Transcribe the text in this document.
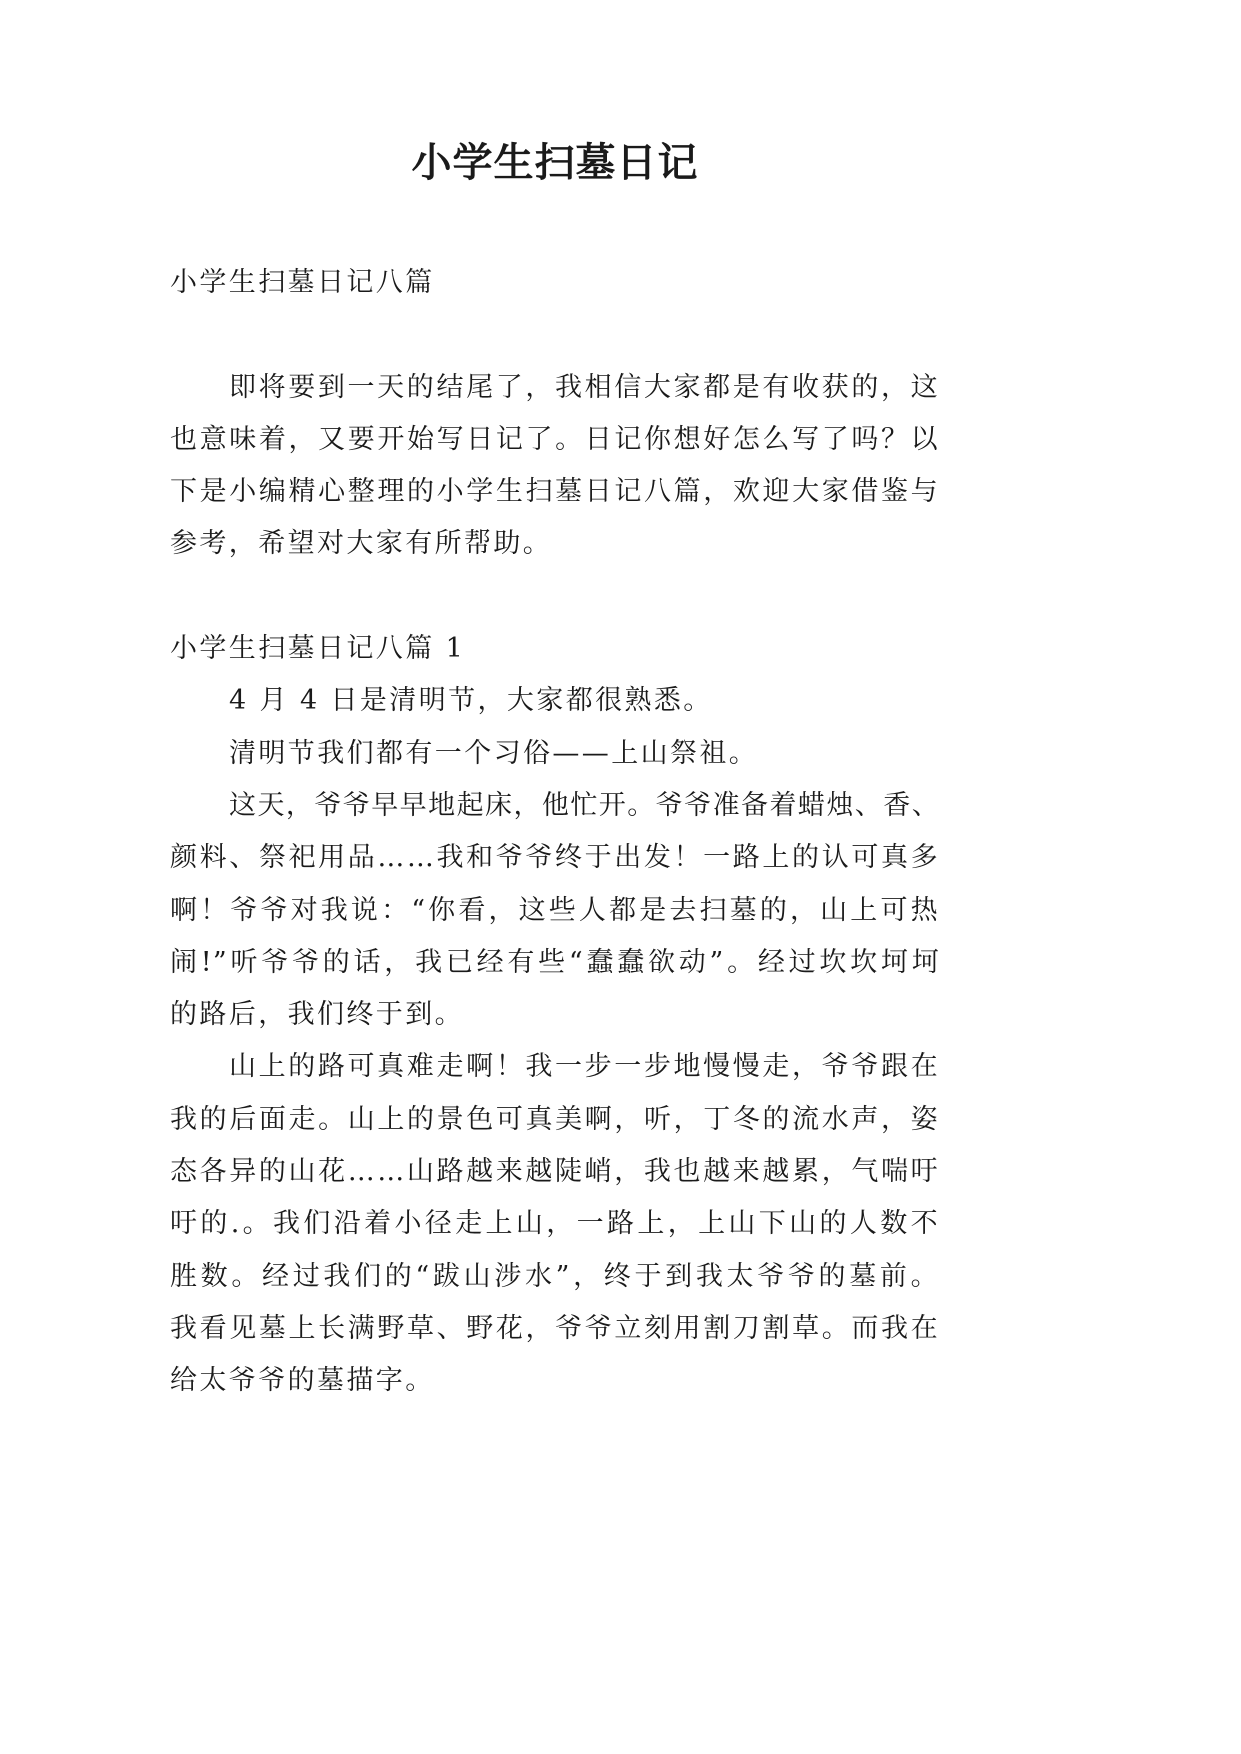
小学生扫墓日记
小学生扫墓日记八篇
即将要到一天的结尾了，我相信大家都是有收获的，这
也意味着，又要开始写日记了。日记你想好怎么写了吗？以
下是小编精心整理的小学生扫墓日记八篇，欢迎大家借鉴与
参考，希望对大家有所帮助。
小学生扫墓日记八篇 1
4 月 4 日是清明节，大家都很熟悉。
清明节我们都有一个习俗——上山祭祖。
这天，爷爷早早地起床，他忙开。爷爷准备着蜡烛、香、
颜料、祭祀用品……我和爷爷终于出发！一路上的认可真多
啊！爷爷对我说：“你看，这些人都是去扫墓的，山上可热
闹!”听爷爷的话，我已经有些“蠢蠢欲动”。经过坎坎坷坷
的路后，我们终于到。
山上的路可真难走啊！我一步一步地慢慢走，爷爷跟在
我的后面走。山上的景色可真美啊，听，丁冬的流水声，姿
态各异的山花……山路越来越陡峭，我也越来越累，气喘吁
吁的.。我们沿着小径走上山，一路上，上山下山的人数不
胜数。经过我们的“跋山涉水”，终于到我太爷爷的墓前。
我看见墓上长满野草、野花，爷爷立刻用割刀割草。而我在
给太爷爷的墓描字。
